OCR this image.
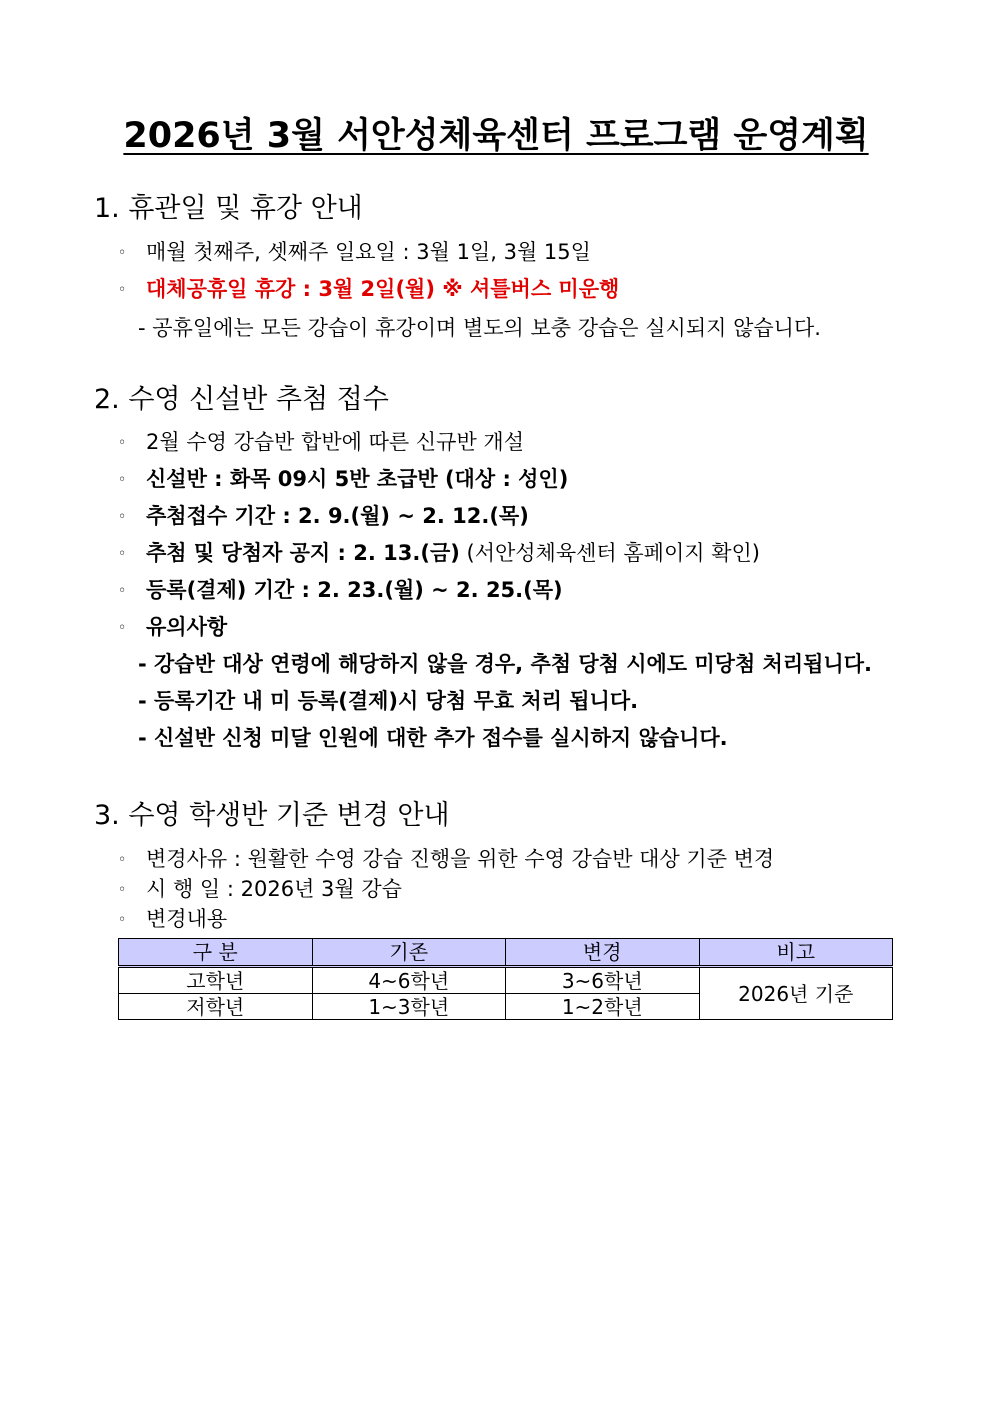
2026년 3월 서안성체육센터 프로그램 운영계획
1. 휴관일 및 휴강 안내
◦ 매월 첫째주, 셋째주 일요일 : 3월 1일, 3월 15일
◦ 대체공휴일 휴강 : 3월 2일(월) ※ 셔틀버스 미운행
- 공휴일에는 모든 강습이 휴강이며 별도의 보충 강습은 실시되지 않습니다.
2. 수영 신설반 추첨 접수
◦ 2월 수영 강습반 합반에 따른 신규반 개설
◦ 신설반 : 화목 09시 5반 초급반 (대상 : 성인)
◦ 추첨접수 기간 : 2. 9.(월) ~ 2. 12.(목)
◦ 추첨 및 당첨자 공지 : 2. 13.(금) (서안성체육센터 홈페이지 확인)
◦ 등록(결제) 기간 : 2. 23.(월) ~ 2. 25.(목)
◦ 유의사항
- 강습반 대상 연령에 해당하지 않을 경우, 추첨 당첨 시에도 미당첨 처리됩니다.
- 등록기간 내 미 등록(결제)시 당첨 무효 처리 됩니다.
- 신설반 신청 미달 인원에 대한 추가 접수를 실시하지 않습니다.
3. 수영 학생반 기준 변경 안내
◦ 변경사유 : 원활한 수영 강습 진행을 위한 수영 강습반 대상 기준 변경
◦ 시 행 일 : 2026년 3월 강습
◦ 변경내용
구 분	기존	변경	비고
고학년	4~6학년	3~6학년	2026년 기준
저학년	1~3학년	1~2학년	
